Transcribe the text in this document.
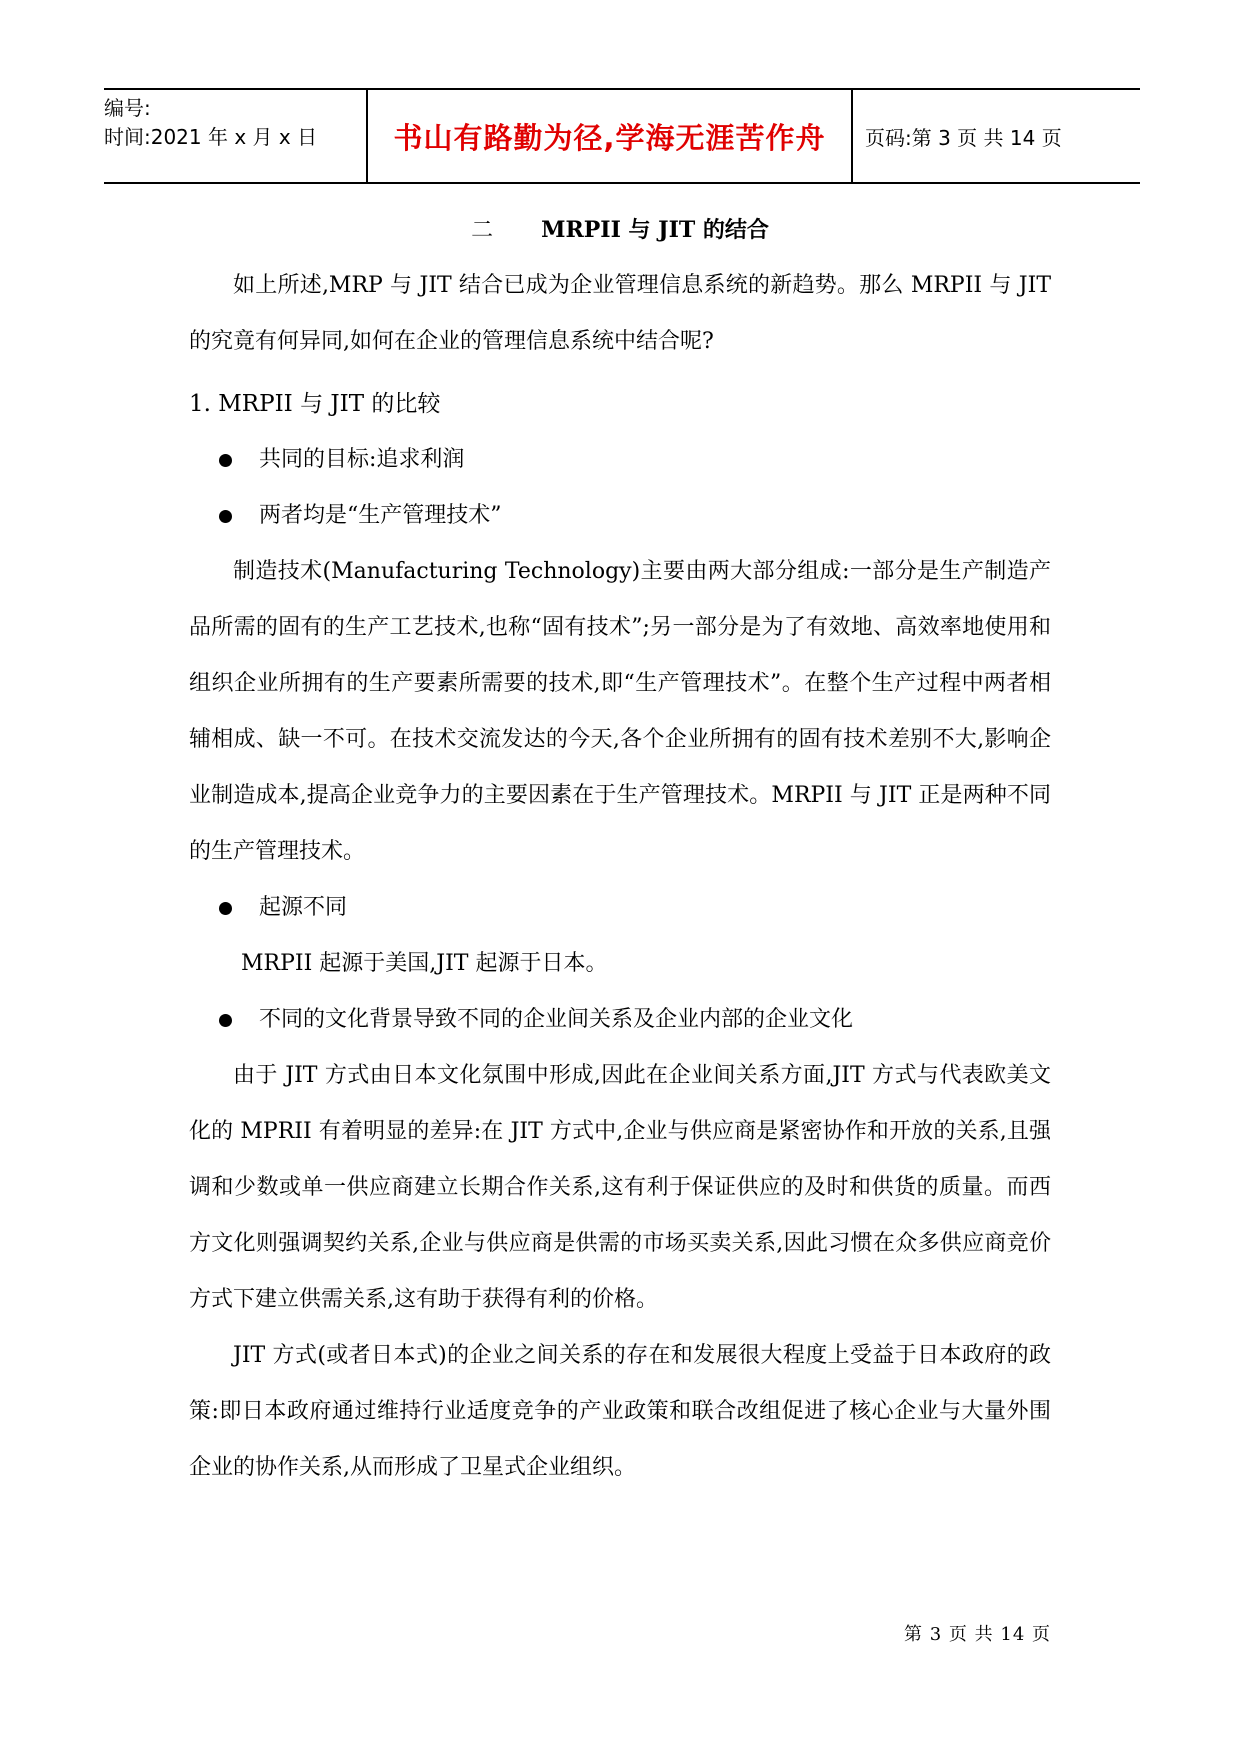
编号:
时间:2021 年 x 月 x 日	书山有路勤为径,学海无涯苦作舟 页码:第 3 页 共 14 页
二 MRPII 与 JIT 的结合

如上所述,MRP 与 JIT 结合已成为企业管理信息系统的新趋势。那么 MRPII 与 JIT 的究竟有何异同,如何在企业的管理信息系统中结合呢?

1. MRPII 与 JIT 的比较

共同的目标:追求利润

两者均是“生产管理技术”

制造技术(Manufacturing Technology)主要由两大部分组成:一部分是生产制造产品所需的固有的生产工艺技术,也称“固有技术”;另一部分是为了有效地、高效率地使用和组织企业所拥有的生产要素所需要的技术,即“生产管理技术”。在整个生产过程中两者相辅相成、缺一不可。在技术交流发达的今天,各个企业所拥有的固有技术差别不大,影响企业制造成本,提高企业竞争力的主要因素在于生产管理技术。MRPII 与 JIT 正是两种不同的生产管理技术。

起源不同

MRPII 起源于美国,JIT 起源于日本。

不同的文化背景导致不同的企业间关系及企业内部的企业文化

由于 JIT 方式由日本文化氛围中形成,因此在企业间关系方面,JIT 方式与代表欧美文化的 MPRII 有着明显的差异:在 JIT 方式中,企业与供应商是紧密协作和开放的关系,且强调和少数或单一供应商建立长期合作关系,这有利于保证供应的及时和供货的质量。而西方文化则强调契约关系,企业与供应商是供需的市场买卖关系,因此习惯在众多供应商竞价方式下建立供需关系,这有助于获得有利的价格。

JIT 方式(或者日本式)的企业之间关系的存在和发展很大程度上受益于日本政府的政策:即日本政府通过维持行业适度竞争的产业政策和联合改组促进了核心企业与大量外围企业的协作关系,从而形成了卫星式企业组织。

第 3 页 共 14 页
